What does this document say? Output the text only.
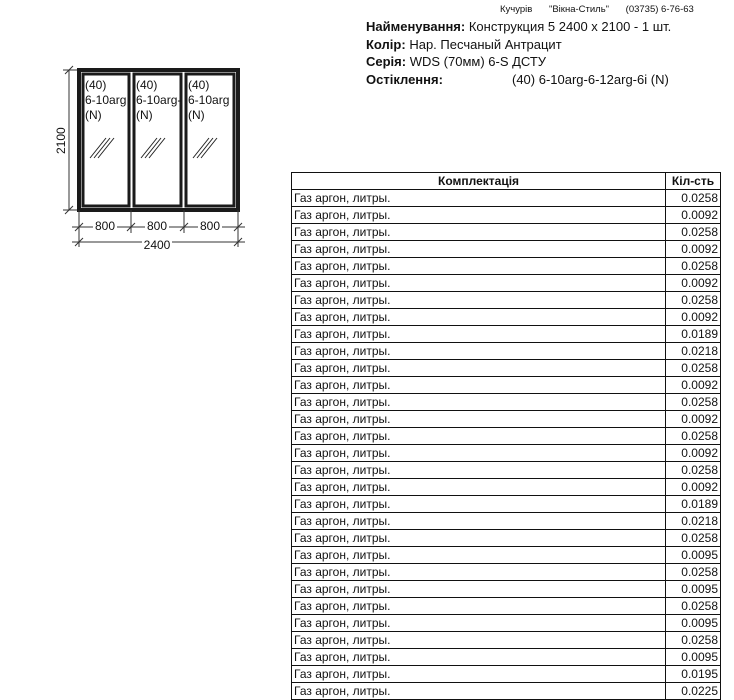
Кучурів "Вікна-Стиль" (03735) 6-76-63
Найменування: Конструкция 5 2400 х 2100 - 1 шт.
Колір: Нар. Песчаный Антрацит
Серія: WDS (70мм) 6-S ДСТУ
Остіклення:	(40) 6-10arg-6-12arg-6i (N)
2100
(40)
6-10arg
(N)
(40)
6-10arg-
(N)
(40)
6-10arg
(N)
800	800	800
2400
Комплектація	Кіл-сть
Газ аргон, литры.	0.0258
Газ аргон, литры.	0.0092
Газ аргон, литры.	0.0258
Газ аргон, литры.	0.0092
Газ аргон, литры.	0.0258
Газ аргон, литры.	0.0092
Газ аргон, литры.	0.0258
Газ аргон, литры.	0.0092
Газ аргон, литры.	0.0189
Газ аргон, литры.	0.0218
Газ аргон, литры.	0.0258
Газ аргон, литры.	0.0092
Газ аргон, литры.	0.0258
Газ аргон, литры.	0.0092
Газ аргон, литры.	0.0258
Газ аргон, литры.	0.0092
Газ аргон, литры.	0.0258
Газ аргон, литры.	0.0092
Газ аргон, литры.	0.0189
Газ аргон, литры.	0.0218
Газ аргон, литры.	0.0258
Газ аргон, литры.	0.0095
Газ аргон, литры.	0.0258
Газ аргон, литры.	0.0095
Газ аргон, литры.	0.0258
Газ аргон, литры.	0.0095
Газ аргон, литры.	0.0258
Газ аргон, литры.	0.0095
Газ аргон, литры.	0.0195
Газ аргон, литры.	0.0225
